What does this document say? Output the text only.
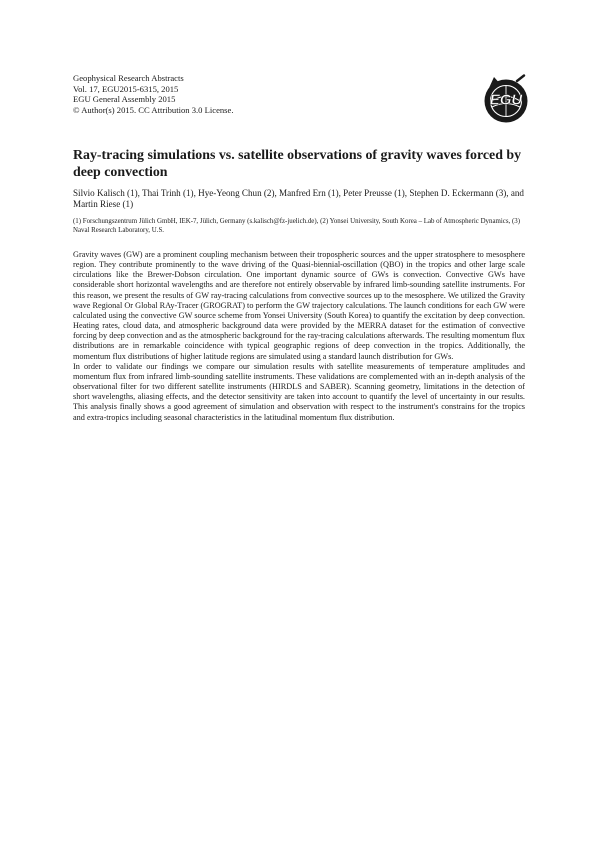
Geophysical Research Abstracts
Vol. 17, EGU2015-6315, 2015
EGU General Assembly 2015
© Author(s) 2015. CC Attribution 3.0 License.
EGU
Ray-tracing simulations vs. satellite observations of gravity waves forced by deep convection
Silvio Kalisch (1), Thai Trinh (1), Hye-Yeong Chun (2), Manfred Ern (1), Peter Preusse (1), Stephen D. Eckermann (3), and Martin Riese (1)
(1) Forschungszentrum Jülich GmbH, IEK-7, Jülich, Germany (s.kalisch@fz-juelich.de), (2) Yonsei University, South Korea – Lab of Atmospheric Dynamics, (3) Naval Research Laboratory, U.S.

Gravity waves (GW) are a prominent coupling mechanism between their tropospheric sources and the upper stratosphere to mesosphere region. They contribute prominently to the wave driving of the Quasi-biennial-oscillation (QBO) in the tropics and other large scale circulations like the Brewer-Dobson circulation. One important dynamic source of GWs is convection. Convective GWs have considerable short horizontal wavelengths and are therefore not entirely observable by infrared limb-sounding satellite instruments. For this reason, we present the results of GW ray-tracing calculations from convective sources up to the mesosphere. We utilized the Gravity wave Regional Or Global RAy-Tracer (GROGRAT) to perform the GW trajectory calculations. The launch conditions for each GW were calculated using the convective GW source scheme from Yonsei University (South Korea) to quantify the excitation by deep convection. Heating rates, cloud data, and atmospheric background data were provided by the MERRA dataset for the estimation of convective forcing by deep convection and as the atmospheric background for the ray-tracing calculations afterwards. The resulting momentum flux distributions are in remarkable coincidence with typical geographic regions of deep convection in the tropics. Additionally, the momentum flux distributions of higher latitude regions are simulated using a standard launch distribution for GWs.

In order to validate our findings we compare our simulation results with satellite measurements of temperature amplitudes and momentum flux from infrared limb-sounding satellite instruments. These validations are complemented with an in-depth analysis of the observational filter for two different satellite instruments (HIRDLS and SABER). Scanning geometry, limitations in the detection of short wavelengths, aliasing effects, and the detector sensitivity are taken into account to quantify the level of uncertainty in our results. This analysis finally shows a good agreement of simulation and observation with respect to the instrument's constrains for the tropics and extra-tropics including seasonal characteristics in the latitudinal momentum flux distribution.
